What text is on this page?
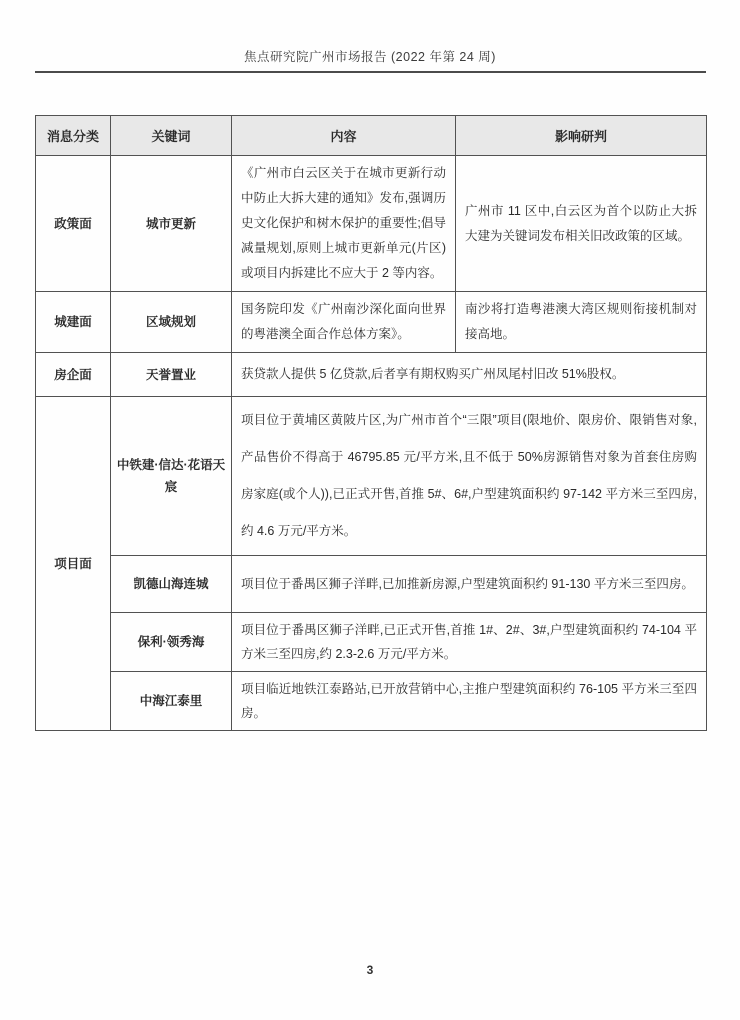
焦点研究院广州市场报告 (2022 年第 24 周)
消息分类	关键词	内容	影响研判
政策面	城市更新	《广州市白云区关于在城市更新行动中防止大拆大建的通知》发布,强调历史文化保护和树木保护的重要性;倡导减量规划,原则上城市更新单元(片区)或项目内拆建比不应大于 2 等内容。	广州市 11 区中,白云区为首个以防止大拆大建为关键词发布相关旧改政策的区域。
城建面	区域规划	国务院印发《广州南沙深化面向世界的粤港澳全面合作总体方案》。	南沙将打造粤港澳大湾区规则衔接机制对接高地。
房企面	天誉置业	获贷款人提供 5 亿贷款,后者享有期权购买广州凤尾村旧改 51%股权。	
项目面	中铁建·信达·花语天宸	项目位于黄埔区黄陂片区,为广州市首个“三限”项目(限地价、限房价、限销售对象,产品售价不得高于 46795.85 元/平方米,且不低于 50%房源销售对象为首套住房购房家庭(或个人)),已正式开售,首推 5#、6#,户型建筑面积约 97-142 平方米三至四房,约 4.6 万元/平方米。	
	凯德山海连城	项目位于番禺区狮子洋畔,已加推新房源,户型建筑面积约 91-130 平方米三至四房。	
	保利·领秀海	项目位于番禺区狮子洋畔,已正式开售,首推 1#、2#、3#,户型建筑面积约 74-104 平方米三至四房,约 2.3-2.6 万元/平方米。	
	中海江泰里	项目临近地铁江泰路站,已开放营销中心,主推户型建筑面积约 76-105 平方米三至四房。	
3
